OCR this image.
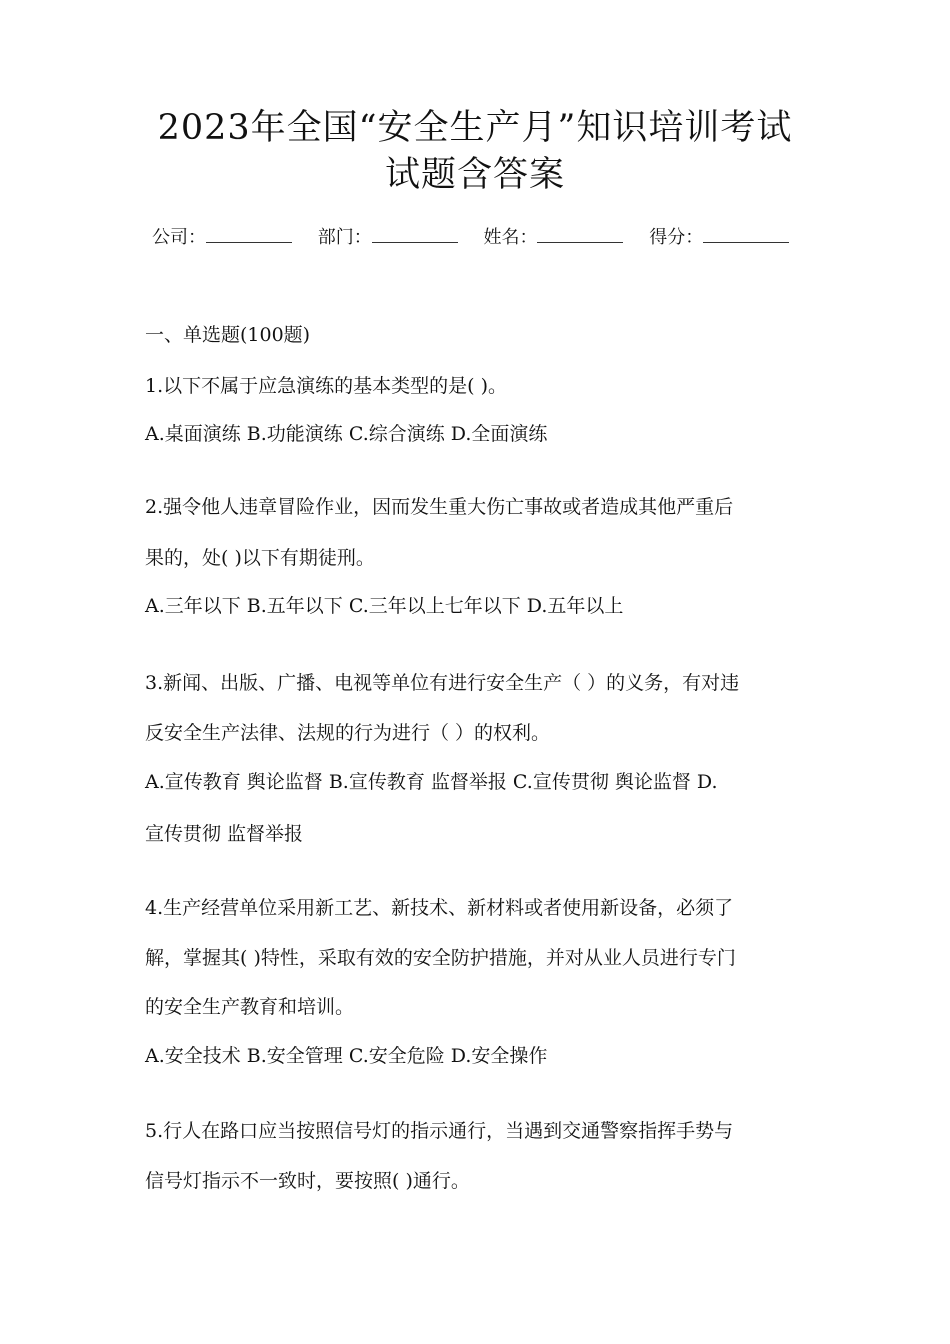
2023年全国“安全生产月”知识培训考试
试题含答案
公司：	部门：	姓名：	得分：

一、单选题(100题)

1.以下不属于应急演练的基本类型的是( )。

A.桌面演练 B.功能演练 C.综合演练 D.全面演练

2.强令他人违章冒险作业，因而发生重大伤亡事故或者造成其他严重后

果的，处( )以下有期徒刑。

A.三年以下 B.五年以下 C.三年以上七年以下 D.五年以上

3.新闻、出版、广播、电视等单位有进行安全生产（ ）的义务，有对违

反安全生产法律、法规的行为进行（ ）的权利。

A.宣传教育 舆论监督 B.宣传教育 监督举报 C.宣传贯彻 舆论监督 D.

宣传贯彻 监督举报

4.生产经营单位采用新工艺、新技术、新材料或者使用新设备，必须了

解，掌握其( )特性，采取有效的安全防护措施，并对从业人员进行专门

的安全生产教育和培训。

A.安全技术 B.安全管理 C.安全危险 D.安全操作

5.行人在路口应当按照信号灯的指示通行，当遇到交通警察指挥手势与

信号灯指示不一致时，要按照( )通行。
